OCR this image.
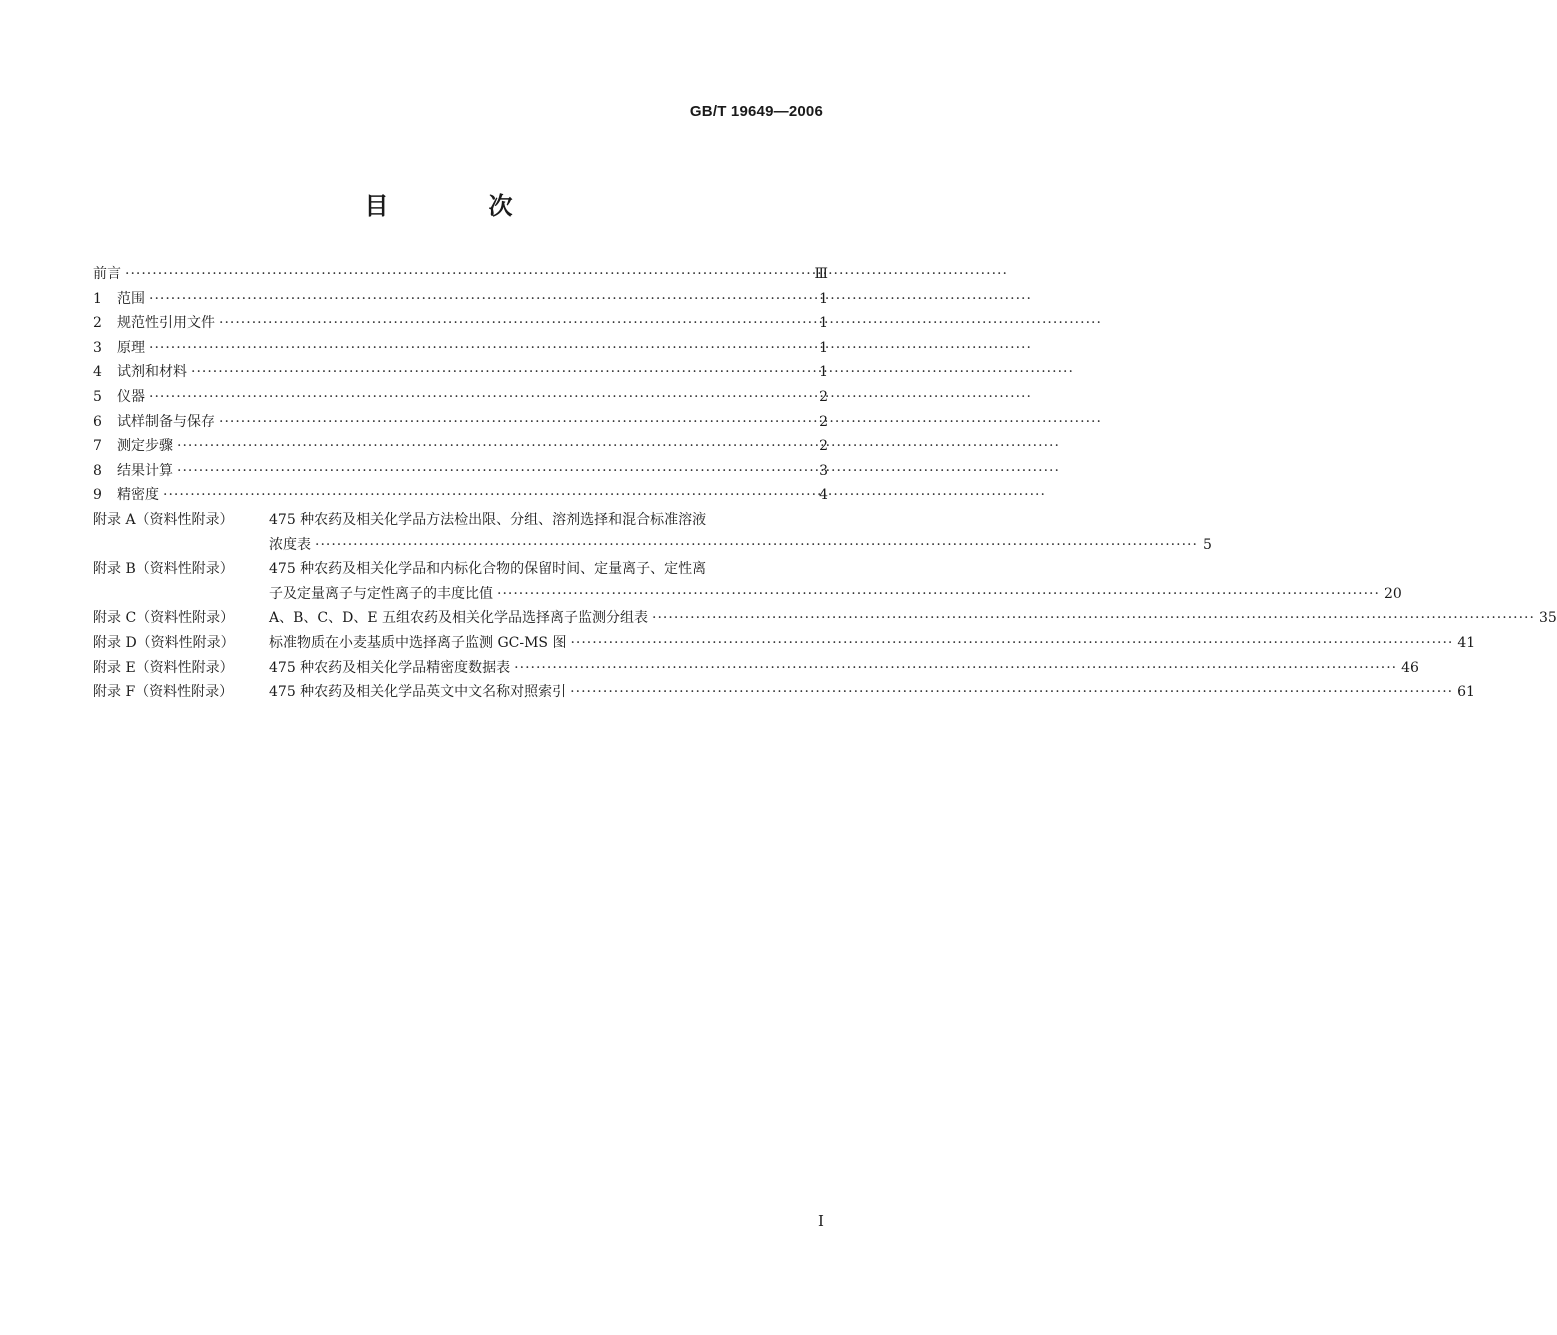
GB/T 19649—2006
目　次
前言 ·····	Ⅲ
1	范围 ·····	1
2	规范性引用文件 ·····	1
3	原理 ·····	1
4	试剂和材料 ·····	1
5	仪器 ·····	2
6	试样制备与保存 ·····	2
7	测定步骤 ·····	2
8	结果计算 ·····	3
9	精密度 ·····	4
附录 A（资料性附录）	475 种农药及相关化学品方法检出限、分组、溶剂选择和混合标准溶液
浓度表 ·····	5
附录 B（资料性附录）	475 种农药及相关化学品和内标化合物的保留时间、定量离子、定性离
子及定量离子与定性离子的丰度比值 ·····	20
附录 C（资料性附录）	A、B、C、D、E 五组农药及相关化学品选择离子监测分组表 ·····	35
附录 D（资料性附录）	标准物质在小麦基质中选择离子监测 GC-MS 图 ·····	41
附录 E（资料性附录）	475 种农药及相关化学品精密度数据表 ·····	46
附录 F（资料性附录）	475 种农药及相关化学品英文中文名称对照索引 ·····	61
Ⅰ
